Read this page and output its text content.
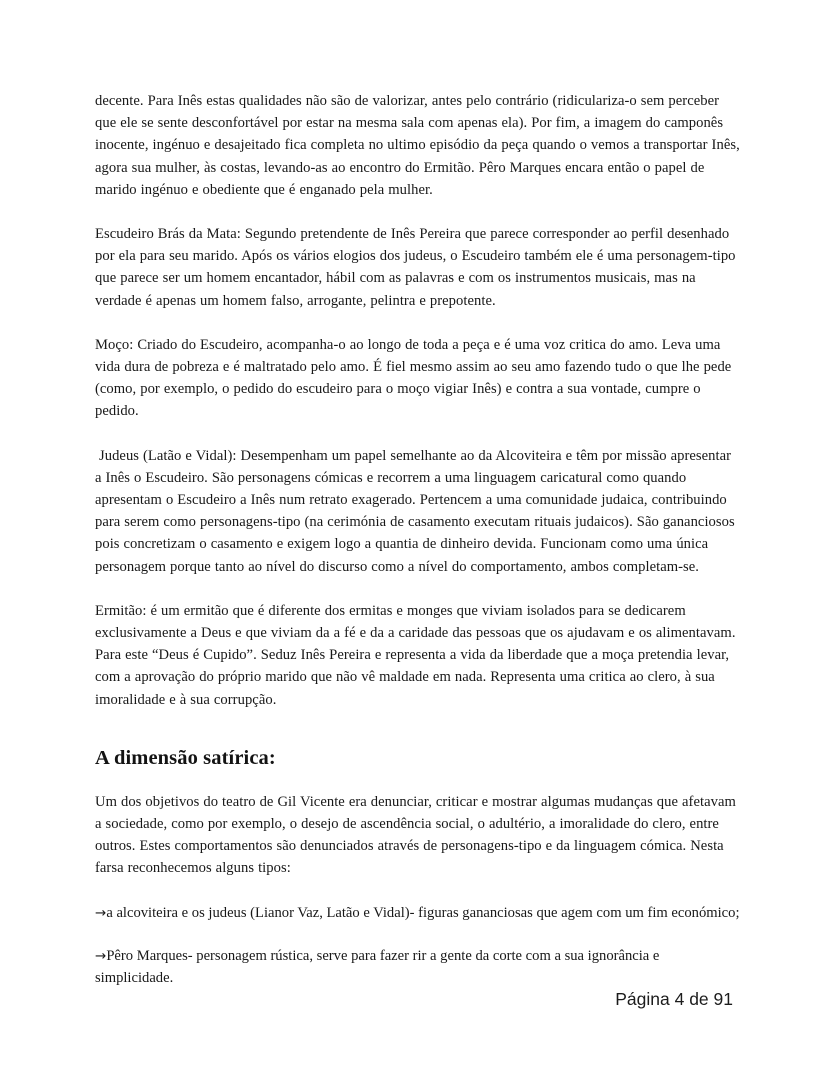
decente. Para Inês estas qualidades não são de valorizar, antes pelo contrário (ridiculariza-o sem perceber que ele se sente desconfortável por estar na mesma sala com apenas ela). Por fim, a imagem do camponês inocente, ingénuo e desajeitado fica completa no ultimo episódio da peça quando o vemos a transportar Inês, agora sua mulher, às costas, levando-as ao encontro do Ermitão. Pêro Marques encara então o papel de marido ingénuo e obediente que é enganado pela mulher.

Escudeiro Brás da Mata: Segundo pretendente de Inês Pereira que parece corresponder ao perfil desenhado por ela para seu marido. Após os vários elogios dos judeus, o Escudeiro também ele é uma personagem-tipo que parece ser um homem encantador, hábil com as palavras e com os instrumentos musicais, mas na verdade é apenas um homem falso, arrogante, pelintra e prepotente.

Moço: Criado do Escudeiro, acompanha-o ao longo de toda a peça e é uma voz critica do amo. Leva uma vida dura de pobreza e é maltratado pelo amo. É fiel mesmo assim ao seu amo fazendo tudo o que lhe pede (como, por exemplo, o pedido do escudeiro para o moço vigiar Inês) e contra a sua vontade, cumpre o pedido.

Judeus (Latão e Vidal): Desempenham um papel semelhante ao da Alcoviteira e têm por missão apresentar a Inês o Escudeiro. São personagens cómicas e recorrem a uma linguagem caricatural como quando apresentam o Escudeiro a Inês num retrato exagerado. Pertencem a uma comunidade judaica, contribuindo para serem como personagens-tipo (na cerimónia de casamento executam rituais judaicos). São gananciosos pois concretizam o casamento e exigem logo a quantia de dinheiro devida. Funcionam como uma única personagem porque tanto ao nível do discurso como a nível do comportamento, ambos completam-se.

Ermitão: é um ermitão que é diferente dos ermitas e monges que viviam isolados para se dedicarem exclusivamente a Deus e que viviam da a fé e da a caridade das pessoas que os ajudavam e os alimentavam. Para este “Deus é Cupido”. Seduz Inês Pereira e representa a vida da liberdade que a moça pretendia levar, com a aprovação do próprio marido que não vê maldade em nada. Representa uma critica ao clero, à sua imoralidade e à sua corrupção.

A dimensão satírica:

Um dos objetivos do teatro de Gil Vicente era denunciar, criticar e mostrar algumas mudanças que afetavam a sociedade, como por exemplo, o desejo de ascendência social, o adultério, a imoralidade do clero, entre outros. Estes comportamentos são denunciados através de personagens-tipo e da linguagem cómica. Nesta farsa reconhecemos alguns tipos:

→a alcoviteira e os judeus (Lianor Vaz, Latão e Vidal)- figuras gananciosas que agem com um fim económico;

→Pêro Marques- personagem rústica, serve para fazer rir a gente da corte com a sua ignorância e simplicidade.

Página 4 de 91
